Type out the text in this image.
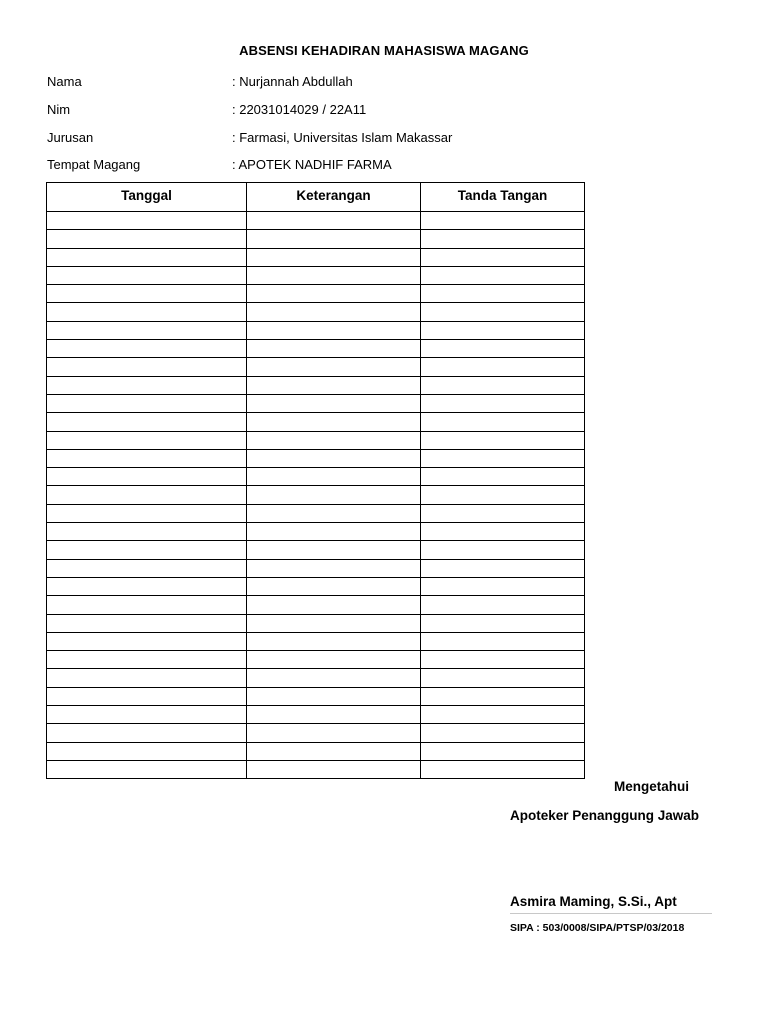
ABSENSI KEHADIRAN MAHASISWA MAGANG
Nama	: Nurjannah Abdullah
Nim	: 22031014029 / 22A11
Jurusan	: Farmasi, Universitas Islam Makassar
Tempat Magang	: APOTEK NADHIF FARMA
Tanggal	Keterangan	Tanda Tangan

Mengetahui
Apoteker Penanggung Jawab
Asmira Maming, S.Si., Apt
SIPA : 503/0008/SIPA/PTSP/03/2018
